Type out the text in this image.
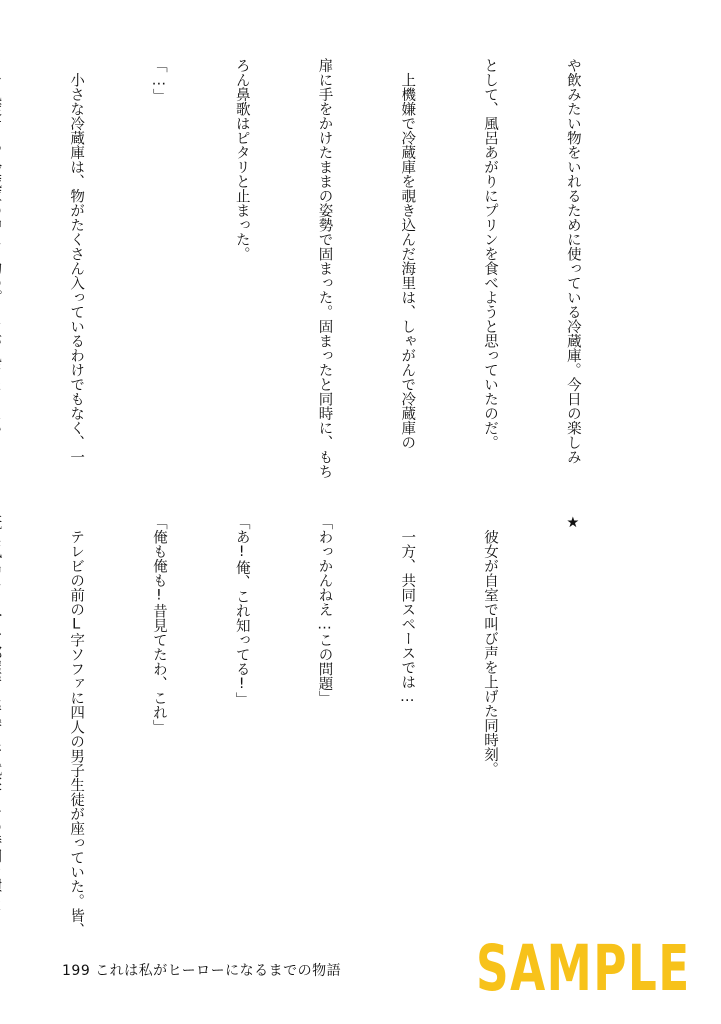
や飲みたい物をいれるために使っている冷蔵庫。今日の楽しみ

として、風呂あがりにプリンを食べようと思っていたのだ。

　上機嫌で冷蔵庫を覗き込んだ海里は、しゃがんで冷蔵庫の

扉に手をかけたままの姿勢で固まった。固まったと同時に、もち

ろん鼻歌はピタリと止まった。

「…」

　小さな冷蔵庫は、物がたくさん入っているわけでもなく、一

★

　彼女が自室で叫び声を上げた同時刻。

　一方、共同スペースでは…

「わっかんねえ…この問題」

「あ!俺、これ知ってる!」

「俺も俺も!昔見てたわ、これ」

　テレビの前のL字ソファに四人の男子生徒が座っていた。皆、

199 これは私がヒーローになるまでの物語 SAMPLE
